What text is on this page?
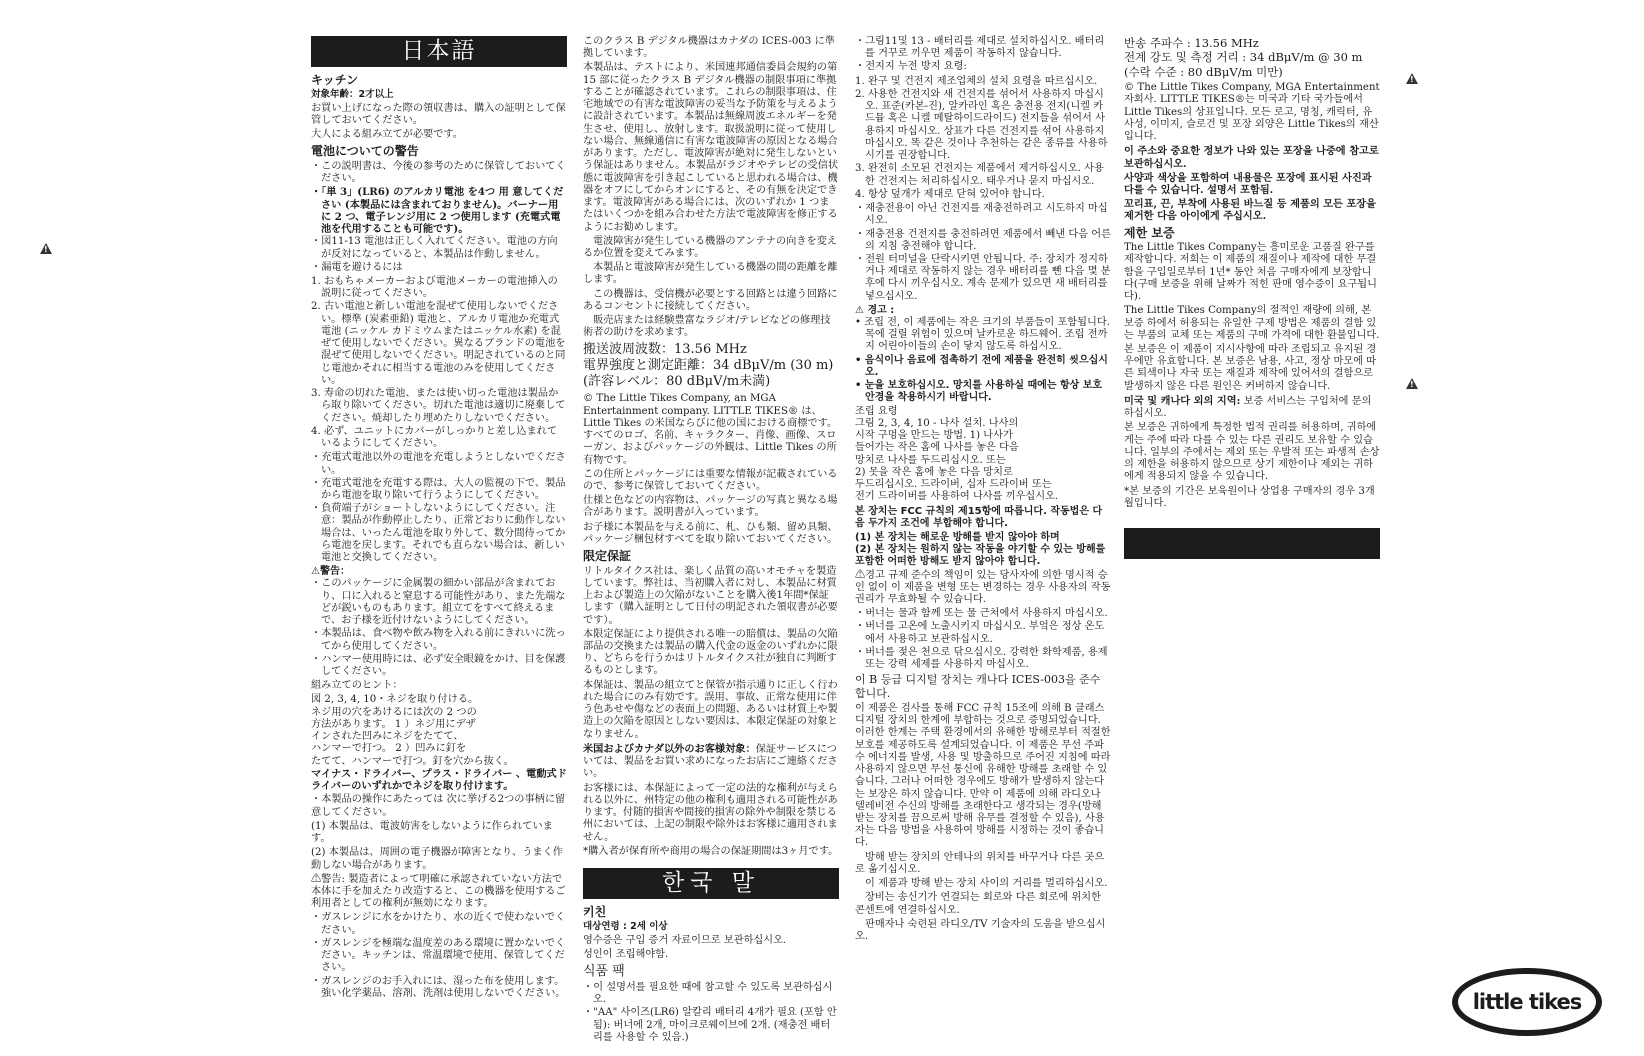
!
!
!
日本語
キッチン
対象年齢：2才以上

お買い上げになった際の領収書は、購入の証明として保管しておいてください。

大人による組み立てが必要です。

電池についての警告
・ この説明書は、今後の参考のために保管しておいてください。
・ 「単 3」(LR6) のアルカリ電池 を4つ 用 意してください (本製品には含まれておりません)。バーナー用に 2 つ、電子レンジ用に 2 つ使用します (充電式電池を代用することも可能です)。
・ 図11-13 電池は正しく入れてください。電池の方向が反対になっていると、本製品は作動しません。
・ 漏電を避けるには
1. おもちゃメーカーおよび電池メーカーの電池挿入の説明に従ってください。
2. 古い電池と新しい電池を混ぜて使用しないでください。標準 (炭素亜鉛) 電池と、アルカリ電池か充電式電池 (ニッケル カドミウムまたはニッケル水素) を混ぜて使用しないでください。異なるブランドの電池を混ぜて使用しないでください。明記されているのと同じ電池かそれに相当する電池のみを使用してください。
3. 寿命の切れた電池、または使い切った電池は製品から取り除いてください。切れた電池は適切に廃棄してください。焼却したり埋めたりしないでください。
4. 必ず、ユニットにカバーがしっかりと差し込まれているようにしてください。
・ 充電式電池以外の電池を充電しようとしないでください。
・ 充電式電池を充電する際は、大人の監視の下で、製品から電池を取り除いて行うようにしてください。
・ 負荷端子がショートしないようにしてください。注意：製品が作動停止したり、正常どおりに動作しない場合は、いったん電池を取り外して、数分間待ってから電池を戻します。それでも直らない場合は、新しい電池と交換してください。
⚠警告：
・ このパッケージに金属製の細かい部品が含まれており、口に入れると窒息する可能性があり、また先端などが鋭いものもあります。組立てをすべて終えるまで、お子様を近付けないようにしてください。
・ 本製品は、食べ物や飲み物を入れる前にきれいに洗ってから使用してください。
・ ハンマー使用時には、必ず安全眼鏡をかけ、目を保護してください。

組み立てのヒント：

図 2, 3, 4, 10・ネジを取り付ける。

ネジ用の穴をあけるには次の 2 つの

方法があります。 1 ）ネジ用にデザ

インされた凹みにネジをたてて、

ハンマーで打つ。 2 ）凹みに釘を

たてて、ハンマーで打つ。釘を穴から抜く。

マイナス・ドライバー、プラス・ドライバー 、電動式ドライバーのいずれかでネジを取り付けます。

・本製品の操作にあたっては 次に挙げる2つの事柄に留意してください。

(1) 本製品は、電波妨害をしないように作られています。

(2) 本製品は、周囲の電子機器が障害となり、うまく作動しない場合があります。

⚠警告: 製造者によって明確に承認されていない方法で本体に手を加えたり改造すると、この機器を使用するご利用者としての権利が無効になります。

・ ガスレンジに水をかけたり、水の近くで使わないでください。
・ ガスレンジを極端な温度差のある環境に置かないでください。キッチンは、常温環境で使用、保管してください。
・ ガスレンジのお手入れには、湿った布を使用します。強い化学薬品、溶剤、洗剤は使用しないでください。

このクラス B デジタル機器はカナダの ICES-003 に準拠しています。

本製品は、テストにより、米国連邦通信委員会規約の第 15 部に従ったクラス B デジタル機器の制限事項に準拠することが確認されています。これらの制限事項は、住宅地域での有害な電波障害の妥当な予防策を与えるように設計されています。本製品は無線周波エネルギーを発生させ、使用し、放射します。取扱説明に従って使用しない場合、無線通信に有害な電波障害の原因となる場合があります。ただし、電波障害が絶対に発生しないという保証はありません。本製品がラジオやテレビの受信状態に電波障害を引き起こしていると思われる場合は、機器をオフにしてからオンにすると、その有無を決定できます。電波障害がある場合には、次のいずれか 1 つまたはいくつかを組み合わせた方法で電波障害を修正するようにお勧めします。

電波障害が発生している機器のアンテナの向きを変えるか位置を変えてみます。

本製品と電波障害が発生している機器の間の距離を離します。

この機器は、受信機が必要とする回路とは違う回路にあるコンセントに接続してください。

販売店または経験豊富なラジオ/テレビなどの修理技術者の助けを求めます。

搬送波周波数：13.56 MHz
電界強度と測定距離：34 dBμV/m (30 m)
(許容レベル：80 dBμV/m未満)

© The Little Tikes Company, an MGA Entertainment company. LITTLE TIKES® は、Little Tikes の米国ならびに他の国における商標です。すべてのロゴ、名前、キャラクター、肖像、画像、スローガン、およびパッケージの外観は、Little Tikes の所有物です。

この住所とパッケージには重要な情報が記載されているので、参考に保管しておいてください。

仕様と色などの内容物は、パッケージの写真と異なる場合があります。説明書が入っています。

お子様に本製品を与える前に、札、ひも類、留め具類、パッケージ梱包材すべてを取り除いておいてください。

限定保証

リトルタイクス社は、楽しく品質の高いオモチャを製造しています。弊社は、当初購入者に対し、本製品に材質上および製造上の欠陥がないことを購入後1年間*保証します（購入証明として日付の明記された領収書が必要です）。

本限定保証により提供される唯一の賠償は、製品の欠陥部品の交換または製品の購入代金の返金のいずれかに限り、どちらを行うかはリトルタイクス社が独自に判断するものとします。

本保証は、製品の組立てと保管が指示通りに正しく行われた場合にのみ有効です。誤用、事故、正常な使用に伴う色あせや傷などの表面上の問題、あるいは材質上や製造上の欠陥を原因としない要因は、本限定保証の対象となりません。

米国およびカナダ以外のお客様対象：保証サービスについては、製品をお買い求めになったお店にご連絡ください。

お客様には、本保証によって一定の法的な権利が与えられる以外に、州特定の他の権利も適用される可能性があります。付随的損害や間接的損害の除外や制限を禁じる州においては、上記の制限や除外はお客様に適用されません。

*購入者が保育所や商用の場合の保証期間は3ヶ月です。

한국 말
키친
대상연령 : 2세 이상

영수증은 구입 증거 자료이므로 보관하십시오.

성인이 조립해야함.

식품 팩
・ 이 설명서를 필요한 때에 참고할 수 있도록 보관하십시오.
・ "AA" 사이즈(LR6) 알칼리 배터리 4개가 필요 (포함 안됨): 버너에 2개, 마이크로웨이브에 2개. (재충전 배터리를 사용할 수 있음.)
・ 그림11및 13 - 배터리를 제대로 설치하십시오. 배터리를 거꾸로 끼우면 제품이 작동하지 않습니다.
・ 전지지 누전 방지 요령:
1. 완구 및 건전지 제조업체의 설치 요령을 따르십시오.
2. 사용한 건전지와 새 건전지를 섞어서 사용하지 마십시오. 표준(카본-진), 알카라인 혹은 충전용 전지(니켈 카드뮴 혹은 니켈 메탈하이드라이드) 전지들을 섞어서 사용하지 마십시오. 상표가 다른 건전지를 섞어 사용하지 마십시오. 똑 같은 것이나 추천하는 같은 종류를 사용하시기를 권장합니다.
3. 완전히 소모된 건전지는 제품에서 제거하십시오. 사용한 건전지는 처리하십시오. 태우거나 묻지 마십시오.
4. 항상 덮개가 제대로 닫혀 있어야 합니다.
・ 재충전용이 아닌 건전지를 재충전하려고 시도하지 마십시오.
・ 재충전용 건전지를 충전하려면 제품에서 빼낸 다음 어른의 지침 충전해야 합니다.
・ 전원 터미널을 단락시키면 안됩니다. 주: 장치가 정지하거나 제대로 작동하지 않는 경우 배터리를 뺀 다음 몇 분 후에 다시 끼우십시오. 계속 문제가 있으면 새 배터리를 넣으십시오.
⚠ 경고 :
• 조립 전, 이 제품에는 작은 크기의 부품들이 포함됩니다. 목에 걸릴 위험이 있으며 날카로운 하드웨어. 조립 전까지 어린아이들의 손이 닿지 않도록 하십시오.
• 음식이나 음료에 접촉하기 전에 제품을 완전히 씻으십시오.
• 눈을 보호하십시오. 망치를 사용하실 때에는 항상 보호 안경을 착용하시기 바랍니다.

조립 요령

그림 2, 3, 4, 10 - 나사 설치. 나사의

시작 구멍을 만드는 방법. 1) 나사가

들어가는 작은 홈에 나사를 놓은 다음

망치로 나사를 두드리십시오. 또는

2) 못을 작은 홈에 놓은 다음 망치로

두드리십시오. 드라이버, 십자 드라이버 또는

전기 드라이버를 사용하여 나사를 끼우십시오.

본 장치는 FCC 규칙의 제15항에 따릅니다. 작동법은 다음 두가지 조건에 부합해야 합니다.

(1) 본 장치는 해로운 방해를 받지 않아야 하며

(2) 본 장치는 원하지 않는 작동을 야기할 수 있는 방해를 포함한 어떠한 방해도 받지 않아야 합니다.

⚠경고 규제 준수의 책임이 있는 당사자에 의한 명시적 승인 없이 이 제품을 변형 또는 변경하는 경우 사용자의 작동 권리가 무효화될 수 있습니다.

・ 버너는 물과 함께 또는 물 근처에서 사용하지 마십시오.
・ 버너를 고온에 노출시키지 마십시오. 부엌은 정상 온도에서 사용하고 보관하십시오.
・ 버너를 젖은 천으로 닦으십시오. 강력한 화학제품, 용제 또는 강력 세제를 사용하지 마십시오.

이 B 등급 디지털 장치는 캐나다 ICES-003을 준수합니다.

이 제품은 검사를 통해 FCC 규칙 15조에 의해 B 클래스 디지털 장치의 한계에 부합하는 것으로 증명되었습니다. 이러한 한계는 주택 환경에서의 유해한 방해로부터 적절한 보호를 제공하도록 설계되었습니다. 이 제품은 무선 주파수 에너지를 발생, 사용 및 방출하므로 주어진 지침에 따라 사용하지 않으면 무선 통신에 유해한 방해를 초래할 수 있습니다. 그러나 어떠한 경우에도 방해가 발생하지 않는다는 보장은 하지 않습니다. 만약 이 제품에 의해 라디오나 텔레비전 수신의 방해를 초래한다고 생각되는 경우(방해 받는 장치를 끔으로써 방해 유무를 결정할 수 있음), 사용자는 다음 방법을 사용하여 방해를 시정하는 것이 좋습니다.

방해 받는 장치의 안테나의 위치를 바꾸거나 다른 곳으로 옮기십시오.

이 제품과 방해 받는 장치 사이의 거리를 멀리하십시오.

장비는 송신기가 연결되는 회로와 다른 회로에 위치한 콘센트에 연결하십시오.

판매자나 숙련된 라디오/TV 기술자의 도움을 받으십시오.

반송 주파수 : 13.56 MHz
전계 강도 및 측정 거리 : 34 dBμV/m @ 30 m
(수락 수준 : 80 dBμV/m 미만)

© The Little Tikes Company, MGA Entertainment 자회사. LITTLE TIKES®는 미국과 기타 국가들에서 Little Tikes의 상표입니다. 모든 로고, 명칭, 캐릭터, 유사성, 이미지, 슬로건 및 포장 외양은 Little Tikes의 재산입니다.

이 주소와 중요한 정보가 나와 있는 포장을 나중에 참고로 보관하십시오.

사양과 색상을 포함하여 내용물은 포장에 표시된 사진과 다를 수 있습니다. 설명서 포함됨.

꼬리표, 끈, 부착에 사용된 바느질 등 제품의 모든 포장을 제거한 다음 아이에게 주십시오.

제한 보증

The Little Tikes Company는 흥미로운 고품질 완구를 제작합니다. 저희는 이 제품의 재질이나 제작에 대한 무결함을 구입일로부터 1년* 동안 처음 구매자에게 보장합니다(구매 보증을 위해 날짜가 적힌 판매 영수증이 요구됩니다).

The Little Tikes Company의 절적인 재량에 의해, 본 보증 하에서 허용되는 유일한 구제 방법은 제품의 결함 있는 부품의 교체 또는 제품의 구매 가격에 대한 환불입니다.

본 보증은 이 제품이 지시사항에 따라 조립되고 유지된 경우에만 유효합니다. 본 보증은 남용, 사고, 정상 마모에 따른 퇴색이나 자국 또는 재질과 제작에 있어서의 결함으로 발생하지 않은 다른 원인은 커버하지 않습니다.

미국 및 캐나다 외의 지역: 보증 서비스는 구입처에 문의하십시오.

본 보증은 귀하에게 특정한 법적 권리를 허용하며, 귀하에게는 주에 따라 다를 수 있는 다른 권리도 보유할 수 있습니다. 일부의 주에서는 제외 또는 우발적 또는 파생적 손상의 제한을 허용하지 않으므로 상기 제한이나 제외는 귀하에게 적용되지 않을 수 있습니다.

*본 보증의 기간은 보육원이나 상업용 구매자의 경우 3개월입니다.

little tikes
